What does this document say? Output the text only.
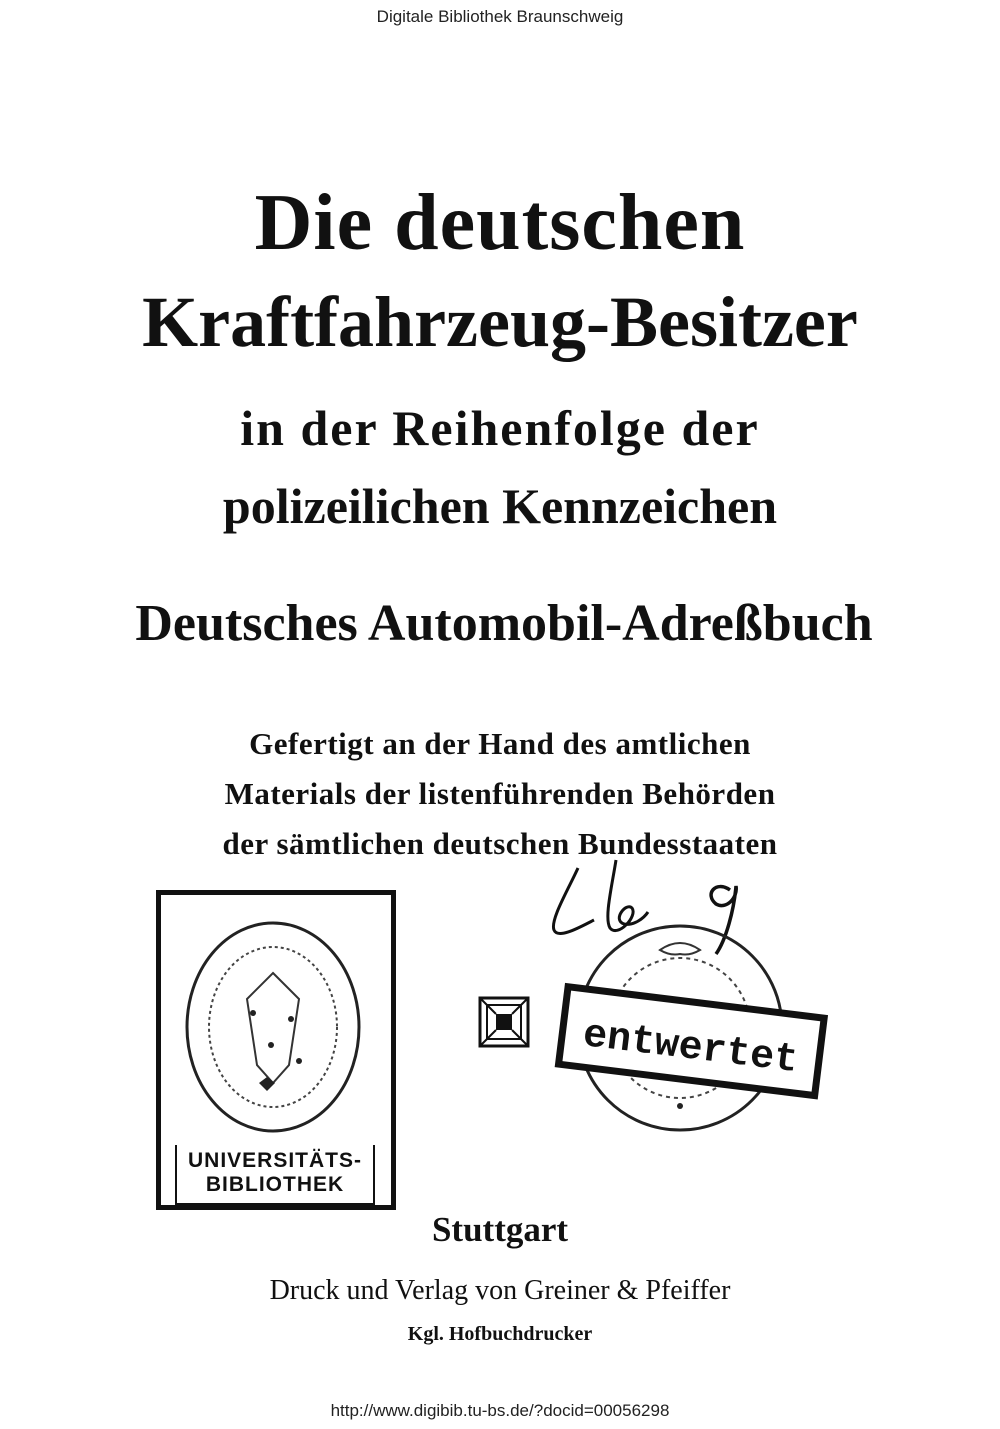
Digitale Bibliothek Braunschweig
Die deutschen
Kraftfahrzeug-Besitzer
in der Reihenfolge der
polizeilichen Kennzeichen
Deutsches Automobil-Adreßbuch
Gefertigt an der Hand des amtlichen
Materials der listenführenden Behörden
der sämtlichen deutschen Bundesstaaten
UNIVERSITÄTS-
BIBLIOTHEK
entwertet
Stuttgart
Druck und Verlag von Greiner & Pfeiffer
Kgl. Hofbuchdrucker
http://www.digibib.tu-bs.de/?docid=00056298
